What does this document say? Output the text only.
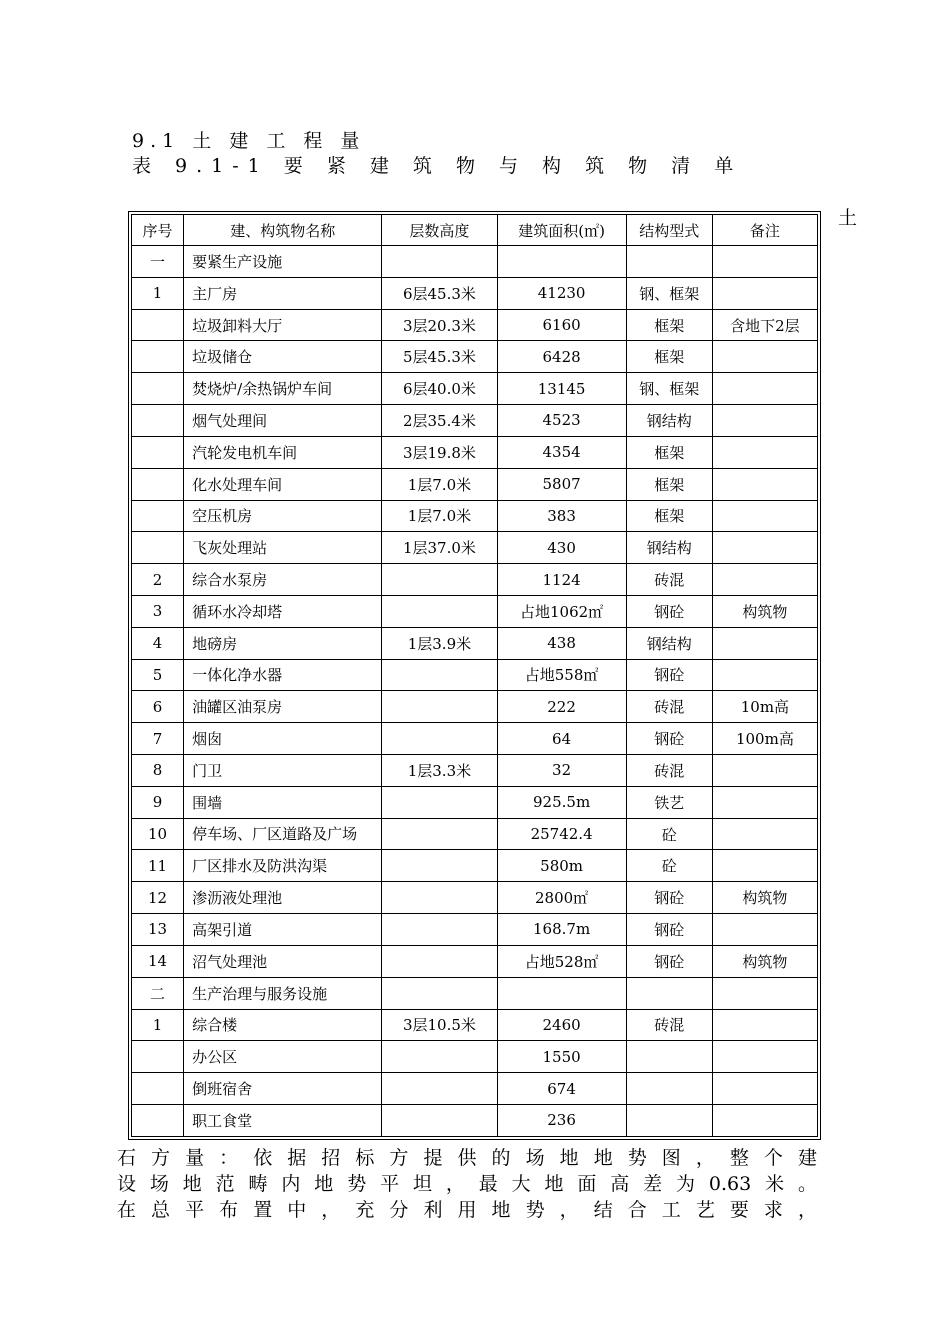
9.1 土 建 工 程 量
表 9.1-1 要 紧 建 筑 物 与 构 筑 物 清 单
土
序号	建、构筑物名称	层数高度	建筑面积(㎡)	结构型式	备注
一	要紧生产设施				
1	主厂房	6层45.3米	41230	钢、框架	
	垃圾卸料大厅	3层20.3米	6160	框架	含地下2层
	垃圾储仓	5层45.3米	6428	框架	
	焚烧炉/余热锅炉车间	6层40.0米	13145	钢、框架	
	烟气处理间	2层35.4米	4523	钢结构	
	汽轮发电机车间	3层19.8米	4354	框架	
	化水处理车间	1层7.0米	5807	框架	
	空压机房	1层7.0米	383	框架	
	飞灰处理站	1层37.0米	430	钢结构	
2	综合水泵房		1124	砖混	
3	循环水冷却塔		占地1062㎡	钢砼	构筑物
4	地磅房	1层3.9米	438	钢结构	
5	一体化净水器		占地558㎡	钢砼	
6	油罐区油泵房		222	砖混	10m高
7	烟囱		64	钢砼	100m高
8	门卫	1层3.3米	32	砖混	
9	围墙		925.5m	铁艺	
10	停车场、厂区道路及广场		25742.4	砼	
11	厂区排水及防洪沟渠		580m	砼	
12	渗沥液处理池		2800㎡	钢砼	构筑物
13	高架引道		168.7m	钢砼	
14	沼气处理池		占地528㎡	钢砼	构筑物
二	生产治理与服务设施				
1	综合楼	3层10.5米	2460	砖混	
	办公区		1550		
	倒班宿舍		674		
	职工食堂		236		
石方量：依据招标方提供的场地地势图，整个建
设场地范畴内地势平坦，最大地面高差为0.63米。
在总平布置中，充分利用地势，结合工艺要求，
